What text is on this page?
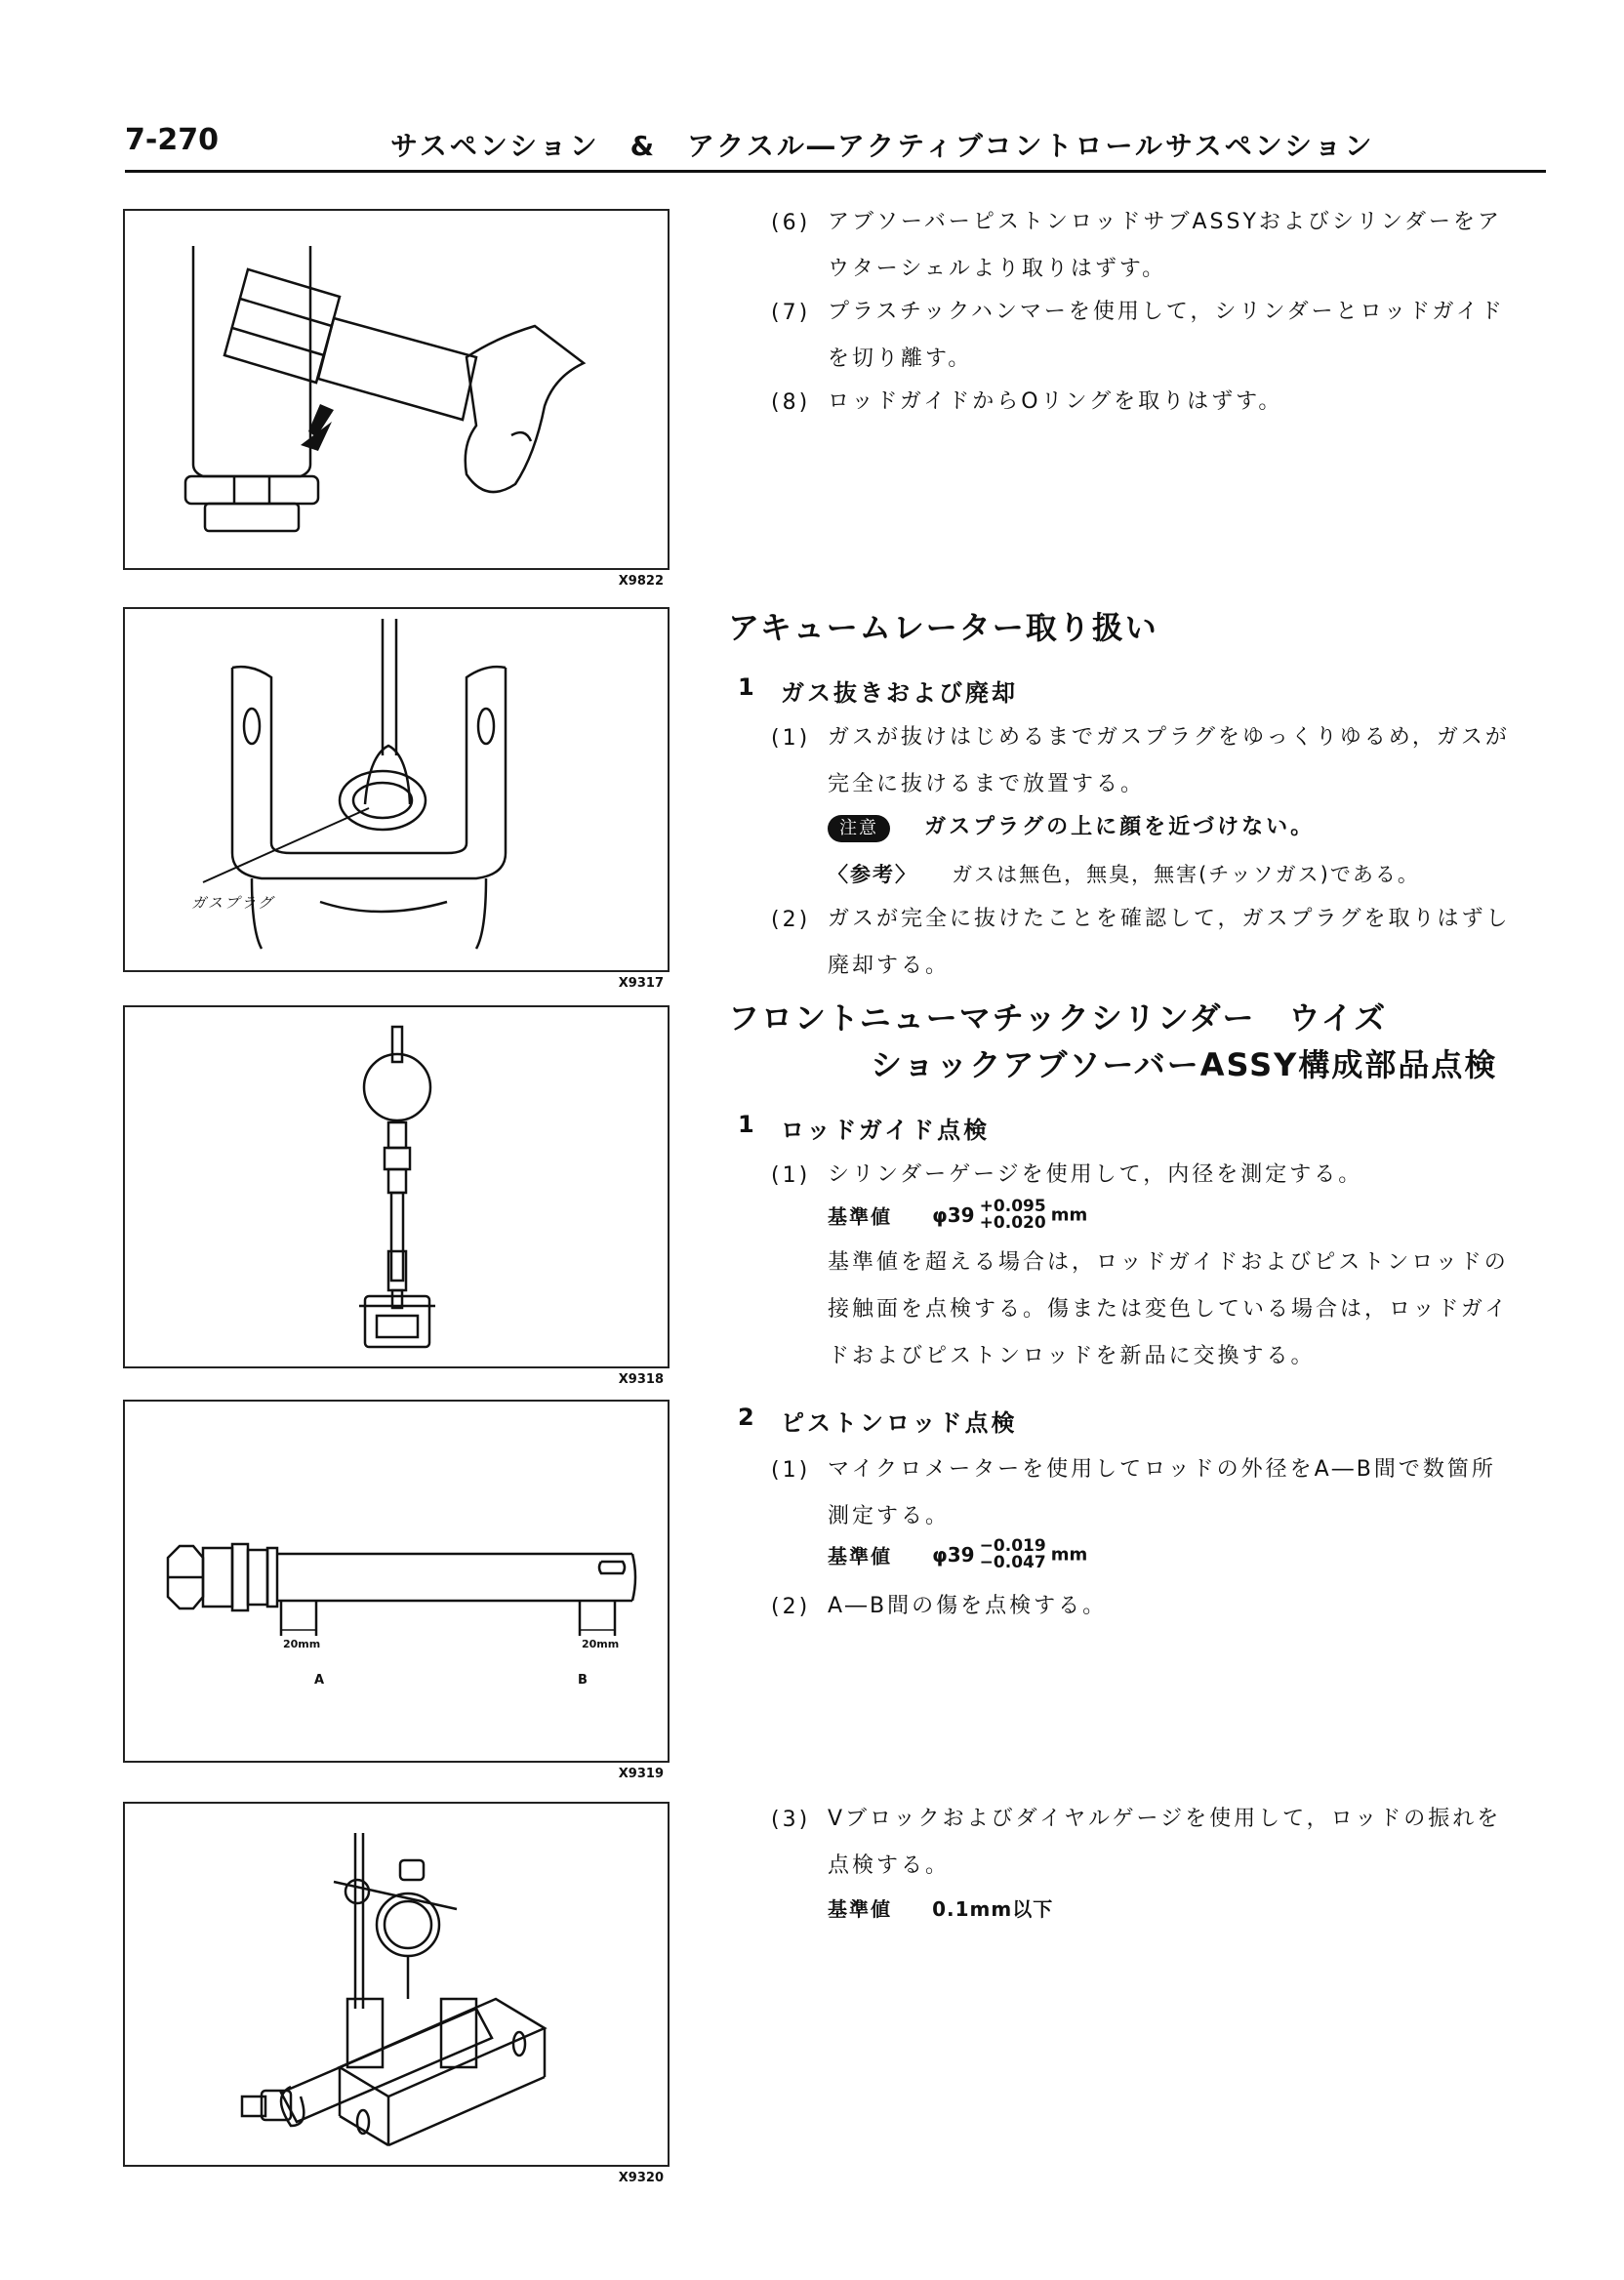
7-270	サスペンション　&　アクスル―アクティブコントロールサスペンション
X9822
ガスプラグ
X9317
X9318
20mm	20mm
A	B
X9319
X9320
(6) アブソーバーピストンロッドサブASSYおよびシリンダーをア
ウターシェルより取りはずす。
(7) プラスチックハンマーを使用して，シリンダーとロッドガイド
を切り離す。
(8) ロッドガイドからOリングを取りはずす。
アキュームレーター取り扱い
1 ガス抜きおよび廃却
(1) ガスが抜けはじめるまでガスプラグをゆっくりゆるめ，ガスが
完全に抜けるまで放置する。
注意 ガスプラグの上に顔を近づけない。
〈参考〉 ガスは無色，無臭，無害(チッソガス)である。
(2) ガスが完全に抜けたことを確認して，ガスプラグを取りはずし
廃却する。
フロントニューマチックシリンダー　ウイズ
ショックアブソーバーASSY構成部品点検
1 ロッドガイド点検
(1) シリンダーゲージを使用して，内径を測定する。
基準値 φ39 +0.095
+0.020 mm
基準値を超える場合は，ロッドガイドおよびピストンロッドの
接触面を点検する。傷または変色している場合は，ロッドガイ
ドおよびピストンロッドを新品に交換する。
2 ピストンロッド点検
(1) マイクロメーターを使用してロッドの外径をA―B間で数箇所
測定する。
基準値 φ39 −0.019
−0.047 mm
(2) A―B間の傷を点検する。
(3) Vブロックおよびダイヤルゲージを使用して，ロッドの振れを
点検する。
基準値 0.1mm以下
